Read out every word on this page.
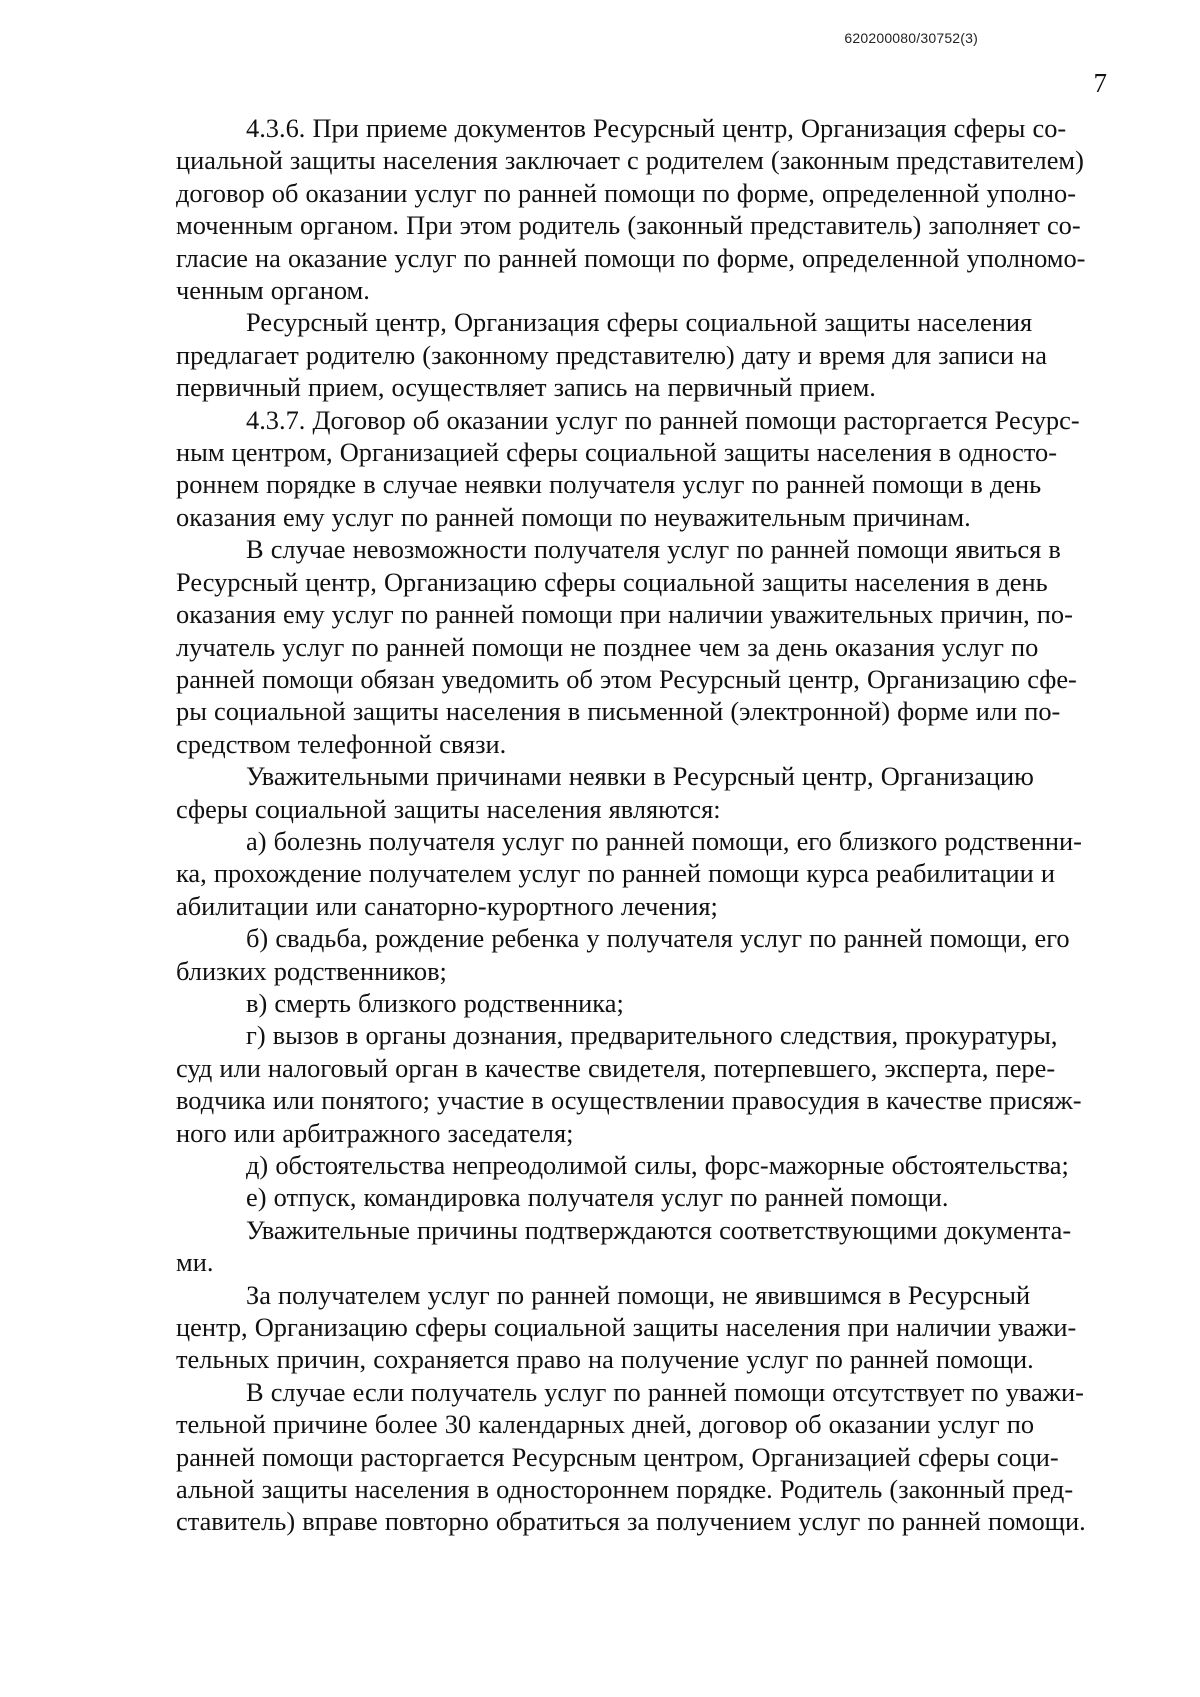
620200080/30752(3)
7

4.3.6. При приеме документов Ресурсный центр, Организация сферы со-
циальной защиты населения заключает с родителем (законным представителем)
договор об оказании услуг по ранней помощи по форме, определенной уполно-
моченным органом. При этом родитель (законный представитель) заполняет со-
гласие на оказание услуг по ранней помощи по форме, определенной уполномо-
ченным органом.

Ресурсный центр, Организация сферы социальной защиты населения
предлагает родителю (законному представителю) дату и время для записи на
первичный прием, осуществляет запись на первичный прием.

4.3.7. Договор об оказании услуг по ранней помощи расторгается Ресурс-
ным центром, Организацией сферы социальной защиты населения в односто-
роннем порядке в случае неявки получателя услуг по ранней помощи в день
оказания ему услуг по ранней помощи по неуважительным причинам.

В случае невозможности получателя услуг по ранней помощи явиться в
Ресурсный центр, Организацию сферы социальной защиты населения в день
оказания ему услуг по ранней помощи при наличии уважительных причин, по-
лучатель услуг по ранней помощи не позднее чем за день оказания услуг по
ранней помощи обязан уведомить об этом Ресурсный центр, Организацию сфе-
ры социальной защиты населения в письменной (электронной) форме или по-
средством телефонной связи.

Уважительными причинами неявки в Ресурсный центр, Организацию
сферы социальной защиты населения являются:

а) болезнь получателя услуг по ранней помощи, его близкого родственни-
ка, прохождение получателем услуг по ранней помощи курса реабилитации и
абилитации или санаторно-курортного лечения;

б) свадьба, рождение ребенка у получателя услуг по ранней помощи, его
близких родственников;

в) смерть близкого родственника;

г) вызов в органы дознания, предварительного следствия, прокуратуры,
суд или налоговый орган в качестве свидетеля, потерпевшего, эксперта, пере-
водчика или понятого; участие в осуществлении правосудия в качестве присяж-
ного или арбитражного заседателя;

д) обстоятельства непреодолимой силы, форс-мажорные обстоятельства;

е) отпуск, командировка получателя услуг по ранней помощи.

Уважительные причины подтверждаются соответствующими документа-
ми.

За получателем услуг по ранней помощи, не явившимся в Ресурсный
центр, Организацию сферы социальной защиты населения при наличии уважи-
тельных причин, сохраняется право на получение услуг по ранней помощи.

В случае если получатель услуг по ранней помощи отсутствует по уважи-
тельной причине более 30 календарных дней, договор об оказании услуг по
ранней помощи расторгается Ресурсным центром, Организацией сферы соци-
альной защиты населения в одностороннем порядке. Родитель (законный пред-
ставитель) вправе повторно обратиться за получением услуг по ранней помощи.
